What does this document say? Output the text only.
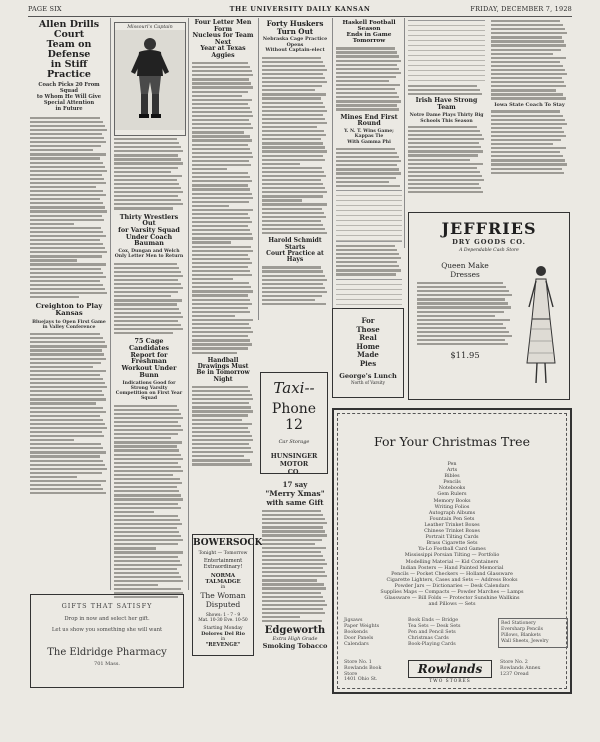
PAGE SIX	THE UNIVERSITY DAILY KANSAN	FRIDAY, DECEMBER 7, 1928
Allen Drills Court
Team on Defense
in Stiff Practice
Coach Picks 20 From Squad
to Whom He Will Give
Special Attention
in Future
Creighton to Play Kansas
Bluejays to Open First Game in Valley Conference
GIFTS THAT SATISFY
Drop in now and select her gift.
Let us show you something she will want
The Eldridge Pharmacy
701 Mass.
Missouri's Captain
Thirty Wrestlers Out
for Varsity Squad
Under Coach Bauman
Cox, Dungan and Welch Only Letter Men to Return
75 Cage Candidates
Report for Freshman
Workout Under Bunn
Indications Good for Strong Varsity Competition on First Year Squad
Four Letter Men Form
Nucleus for Team Next
Year at Texas Aggies
Handball Drawings Must
Be in Tomorrow Night
BOWERSOCK
Tonight — Tomorrow
Entertainment
Extraordinary!
NORMA TALMADGE
in
The Woman
Disputed
Shows: 1 - 7 - 9
Mat. 10-30 Eve. 10-50
Starting Monday
Dolores Del Rio
in
"REVENGE"
Forty Huskers Turn Out
Nebraska Cage Practice Opens
Without Captain-elect
Harold Schmidt Starts
Court Practice at Hays
Taxi--
Phone 12
Car Storage
HUNSINGER
MOTOR
CO.
17 say
"Merry Xmas"
with same Gift
Edgeworth
Extra High Grade
Smoking Tobacco
Haskell Football Season
Ends in Game Tomorrow
Mines End First Round
Y. N. T. Wins Game; Kappas Tie
With Gamma Phi
For
Those
Real
Home
Made
Pies
George's Lunch
North of Varsity
Irish Have Strong Team
Notre Dame Plays Thirty Big
Schools This Season
Iowa State Coach To Stay
JEFFRIES
DRY GOODS CO.
A Dependable Cash Store
Queen Make
Dresses
$11.95
For Your Christmas Tree
Pen
Arts
Bibles
Pencils
Notebooks
Gem Rulers
Memory Books
Writing Folios
Autograph Albums
Fountain Pen Sets
Leather Trinket Boxes
Chinese Trinket Boxes
Portrait Tilting Cards
Brass Cigarette Sets
Ya-Lo Football Card Games
Mississippi Porsian Tilting — Portfolio
Modelling Material — Kid Containers
Indian Posters — Hand Painted Memorial
Pencils — Pocket Checkers — Holland Glassware
Cigarette Lighters, Cases and Sets — Address Books
Powder Jars — Dictionaries — Desk Calendars
Supplies Maps — Compacts — Powder Marches — Lamps
Glassware — Bill Folds — Protector Sunshine Wallkins
and Pillows — Sets
Jigsaws
Paper Weights
Bookends
Door Panels
Calendars
Book Ends — Bridge
Tea Sets — Desk Sets
Pen and Pencil Sets
Christmas Cards
Book-Playing Cards
Red Stationery
Eversharp Pencils
Pillows, Blankets
Wall Sheets, Jewelry
Store No. 1
Rowlands Book
Store
1401 Ohio St.
Rowlands
TWO STORES
Store No. 2
Rowlands Annex
1237 Oread
